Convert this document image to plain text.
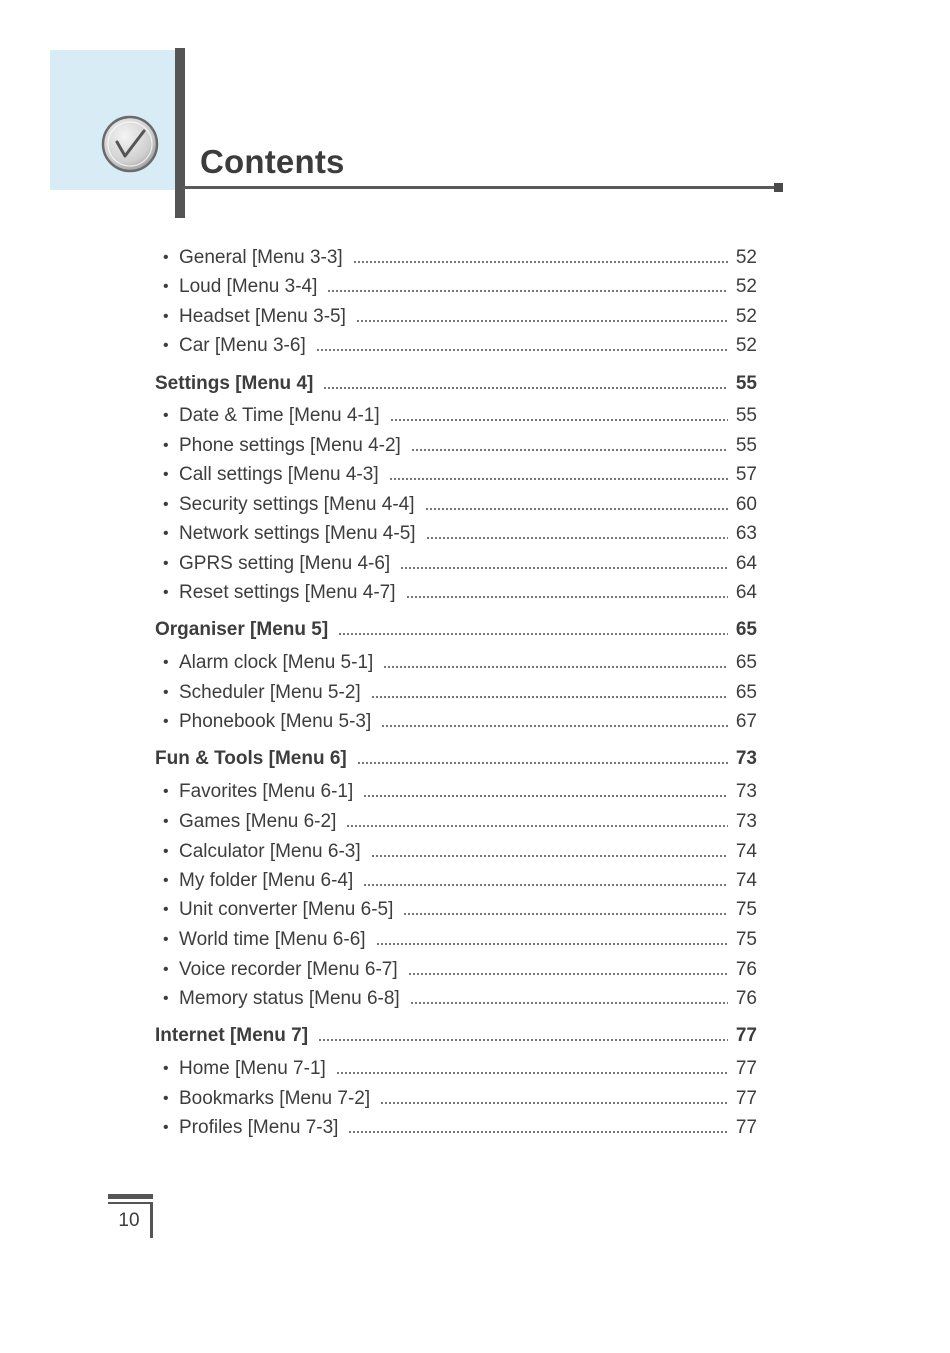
Contents
• General [Menu 3-3]	52
• Loud [Menu 3-4]	52
• Headset [Menu 3-5]	52
• Car [Menu 3-6]	52
Settings [Menu 4]	55
• Date & Time [Menu 4-1]	55
• Phone settings [Menu 4-2]	55
• Call settings [Menu 4-3]	57
• Security settings [Menu 4-4]	60
• Network settings [Menu 4-5]	63
• GPRS setting [Menu 4-6]	64
• Reset settings [Menu 4-7]	64
Organiser [Menu 5]	65
• Alarm clock [Menu 5-1]	65
• Scheduler [Menu 5-2]	65
• Phonebook [Menu 5-3]	67
Fun & Tools [Menu 6]	73
• Favorites [Menu 6-1]	73
• Games [Menu 6-2]	73
• Calculator [Menu 6-3]	74
• My folder [Menu 6-4]	74
• Unit converter [Menu 6-5]	75
• World time [Menu 6-6]	75
• Voice recorder [Menu 6-7]	76
• Memory status [Menu 6-8]	76
Internet [Menu 7]	77
• Home [Menu 7-1]	77
• Bookmarks [Menu 7-2]	77
• Profiles [Menu 7-3]	77
10
